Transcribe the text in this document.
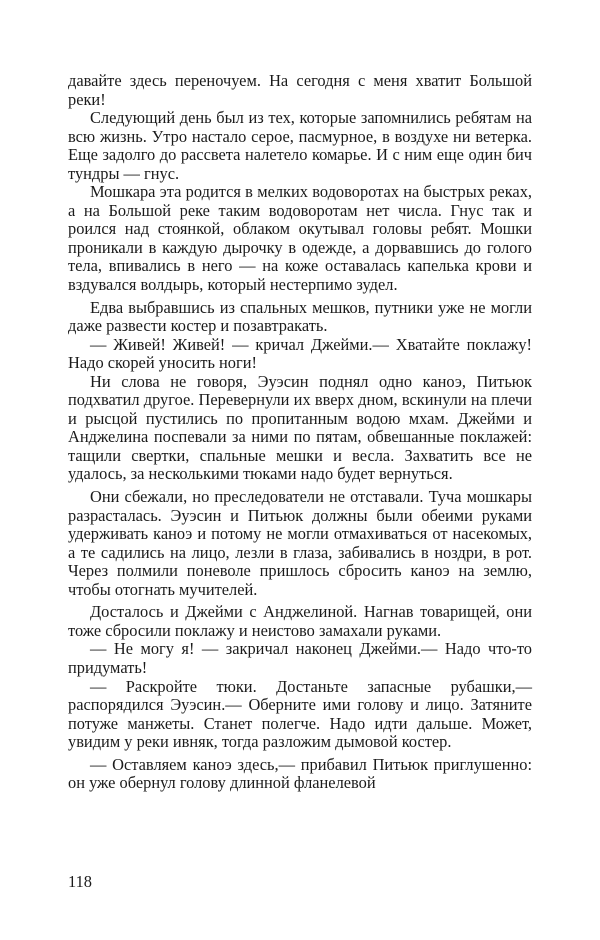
давайте здесь переночуем. На сегодня с меня хватит Большой реки!

Следующий день был из тех, которые запомнились ребятам на всю жизнь. Утро настало серое, пасмурное, в воздухе ни ветерка. Еще задолго до рассвета налетело комарье. И с ним еще один бич тундры — гнус.

Мошкара эта родится в мелких водоворотах на быстрых реках, а на Большой реке таким водоворотам нет числа. Гнус так и роился над стоянкой, облаком окутывал головы ребят. Мошки проникали в каждую дырочку в одежде, а дорвавшись до голого тела, впивались в него — на коже оставалась капелька крови и вздувался волдырь, который нестерпимо зудел.

Едва выбравшись из спальных мешков, путники уже не могли даже развести костер и позавтракать.

— Живей! Живей! — кричал Джейми.— Хватайте поклажу! Надо скорей уносить ноги!

Ни слова не говоря, Эуэсин поднял одно каноэ, Питьюк подхватил другое. Перевернули их вверх дном, вскинули на плечи и рысцой пустились по пропитанным водою мхам. Джейми и Анджелина поспевали за ними по пятам, обвешанные поклажей: тащили свертки, спальные мешки и весла. Захватить все не удалось, за несколькими тюками надо будет вернуться.

Они сбежали, но преследователи не отставали. Туча мошкары разрасталась. Эуэсин и Питьюк должны были обеими руками удерживать каноэ и потому не могли отмахиваться от насекомых, а те садились на лицо, лезли в глаза, забивались в ноздри, в рот. Через полмили поневоле пришлось сбросить каноэ на землю, чтобы отогнать мучителей.

Досталось и Джейми с Анджелиной. Нагнав товарищей, они тоже сбросили поклажу и неистово замахали руками.

— Не могу я! — закричал наконец Джейми.— Надо что-то придумать!

— Раскройте тюки. Достаньте запасные рубашки,— распорядился Эуэсин.— Оберните ими голову и лицо. Затяните потуже манжеты. Станет полегче. Надо идти дальше. Может, увидим у реки ивняк, тогда разложим дымовой костер.

— Оставляем каноэ здесь,— прибавил Питьюк приглушенно: он уже обернул голову длинной фланелевой

118
